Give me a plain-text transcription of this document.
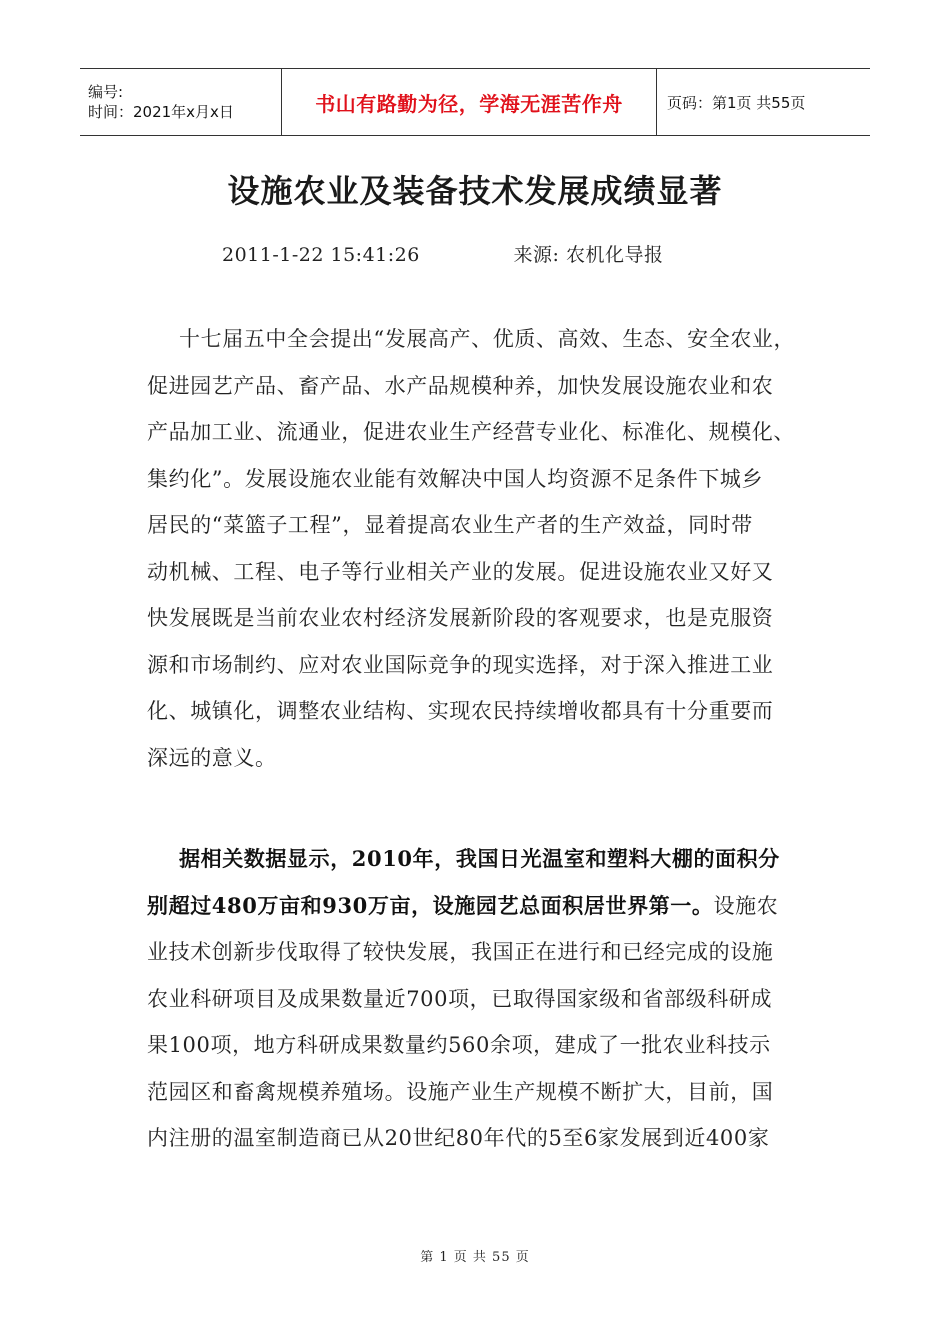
编号:
时间：2021年x月x日	书山有路勤为径，学海无涯苦作舟	页码：第1页 共55页
设施农业及装备技术发展成绩显著
2011-1-22 15:41:26	来源: 农机化导报
十七届五中全会提出“发展高产、优质、高效、生态、安全农业，
促进园艺产品、畜产品、水产品规模种养，加快发展设施农业和农
产品加工业、流通业，促进农业生产经营专业化、标准化、规模化、
集约化”。发展设施农业能有效解决中国人均资源不足条件下城乡
居民的“菜篮子工程”，显着提高农业生产者的生产效益，同时带
动机械、工程、电子等行业相关产业的发展。促进设施农业又好又
快发展既是当前农业农村经济发展新阶段的客观要求，也是克服资
源和市场制约、应对农业国际竞争的现实选择，对于深入推进工业
化、城镇化，调整农业结构、实现农民持续增收都具有十分重要而
深远的意义。
据相关数据显示，2010年，我国日光温室和塑料大棚的面积分
别超过480万亩和930万亩，设施园艺总面积居世界第一。设施农
业技术创新步伐取得了较快发展，我国正在进行和已经完成的设施
农业科研项目及成果数量近700项，已取得国家级和省部级科研成
果100项，地方科研成果数量约560余项，建成了一批农业科技示
范园区和畜禽规模养殖场。设施产业生产规模不断扩大，目前，国
内注册的温室制造商已从20世纪80年代的5至6家发展到近400家
第 1 页 共 55 页
